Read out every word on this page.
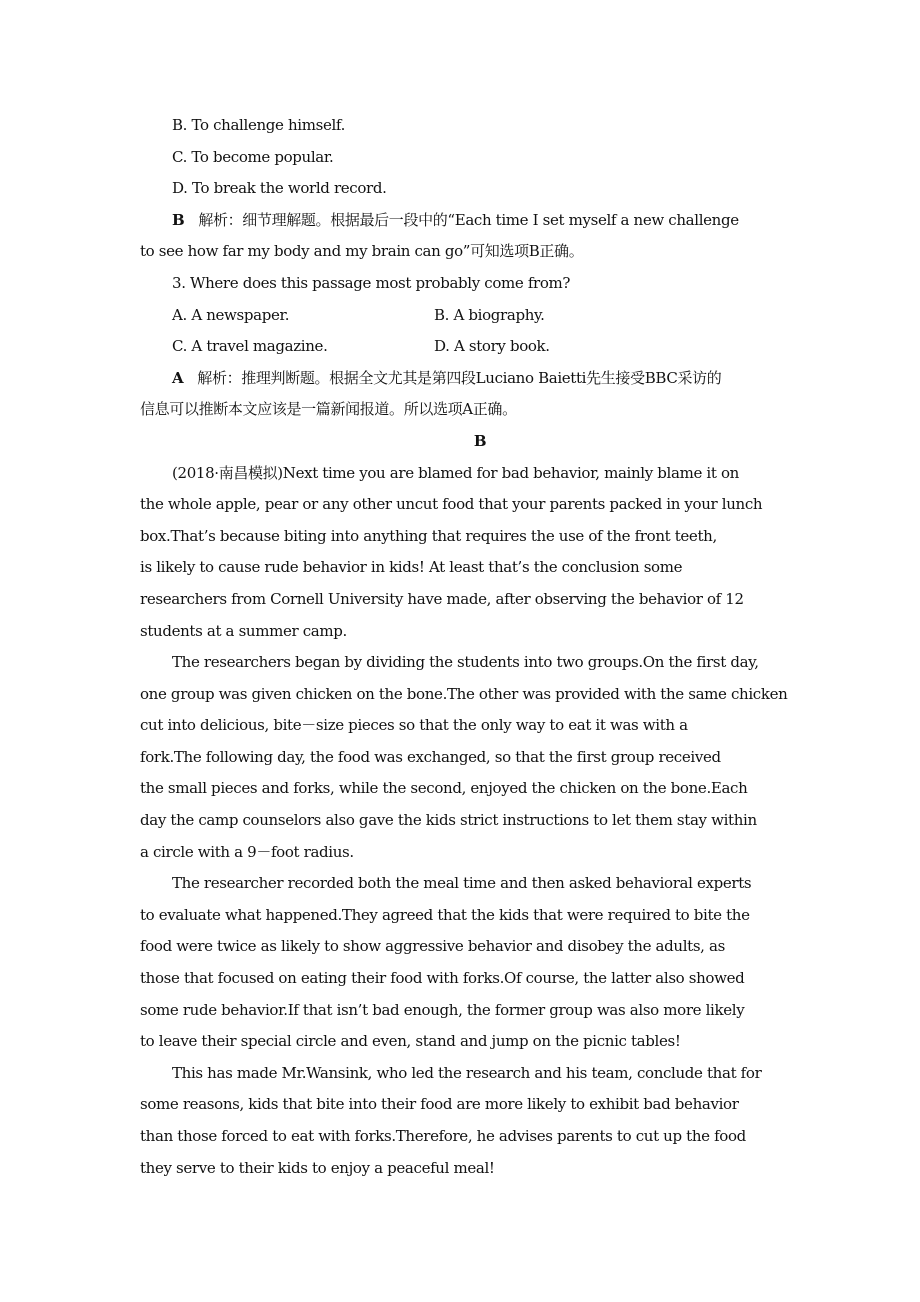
B. To challenge himself.
C. To become popular.
D. To break the world record.
B 解析：细节理解题。根据最后一段中的“Each time I set myself a new challenge
to see how far my body and my brain can go”可知选项B正确。
3. Where does this passage most probably come from?
A. A newspaper.	B. A biography.
C. A travel magazine.	D. A story book.
A 解析：推理判断题。根据全文尤其是第四段Luciano Baietti先生接受BBC采访的
信息可以推断本文应该是一篇新闻报道。所以选项A正确。
B
(2018·南昌模拟)Next time you are blamed for bad behavior, mainly blame it on
the whole apple, pear or any other uncut food that your parents packed in your lunch
box.That’s because biting into anything that requires the use of the front teeth,
is likely to cause rude behavior in kids! At least that’s the conclusion some
researchers from Cornell University have made, after observing the behavior of 12
students at a summer camp.
The researchers began by dividing the students into two groups.On the first day,
one group was given chicken on the bone.The other was provided with the same chicken
cut into delicious, bite－size pieces so that the only way to eat it was with a
fork.The following day, the food was exchanged, so that the first group received
the small pieces and forks, while the second, enjoyed the chicken on the bone.Each
day the camp counselors also gave the kids strict instructions to let them stay within
a circle with a 9－foot radius.
The researcher recorded both the meal time and then asked behavioral experts
to evaluate what happened.They agreed that the kids that were required to bite the
food were twice as likely to show aggressive behavior and disobey the adults, as
those that focused on eating their food with forks.Of course, the latter also showed
some rude behavior.If that isn’t bad enough, the former group was also more likely
to leave their special circle and even, stand and jump on the picnic tables!
This has made Mr.Wansink, who led the research and his team, conclude that for
some reasons, kids that bite into their food are more likely to exhibit bad behavior
than those forced to eat with forks.Therefore, he advises parents to cut up the food
they serve to their kids to enjoy a peaceful meal!
